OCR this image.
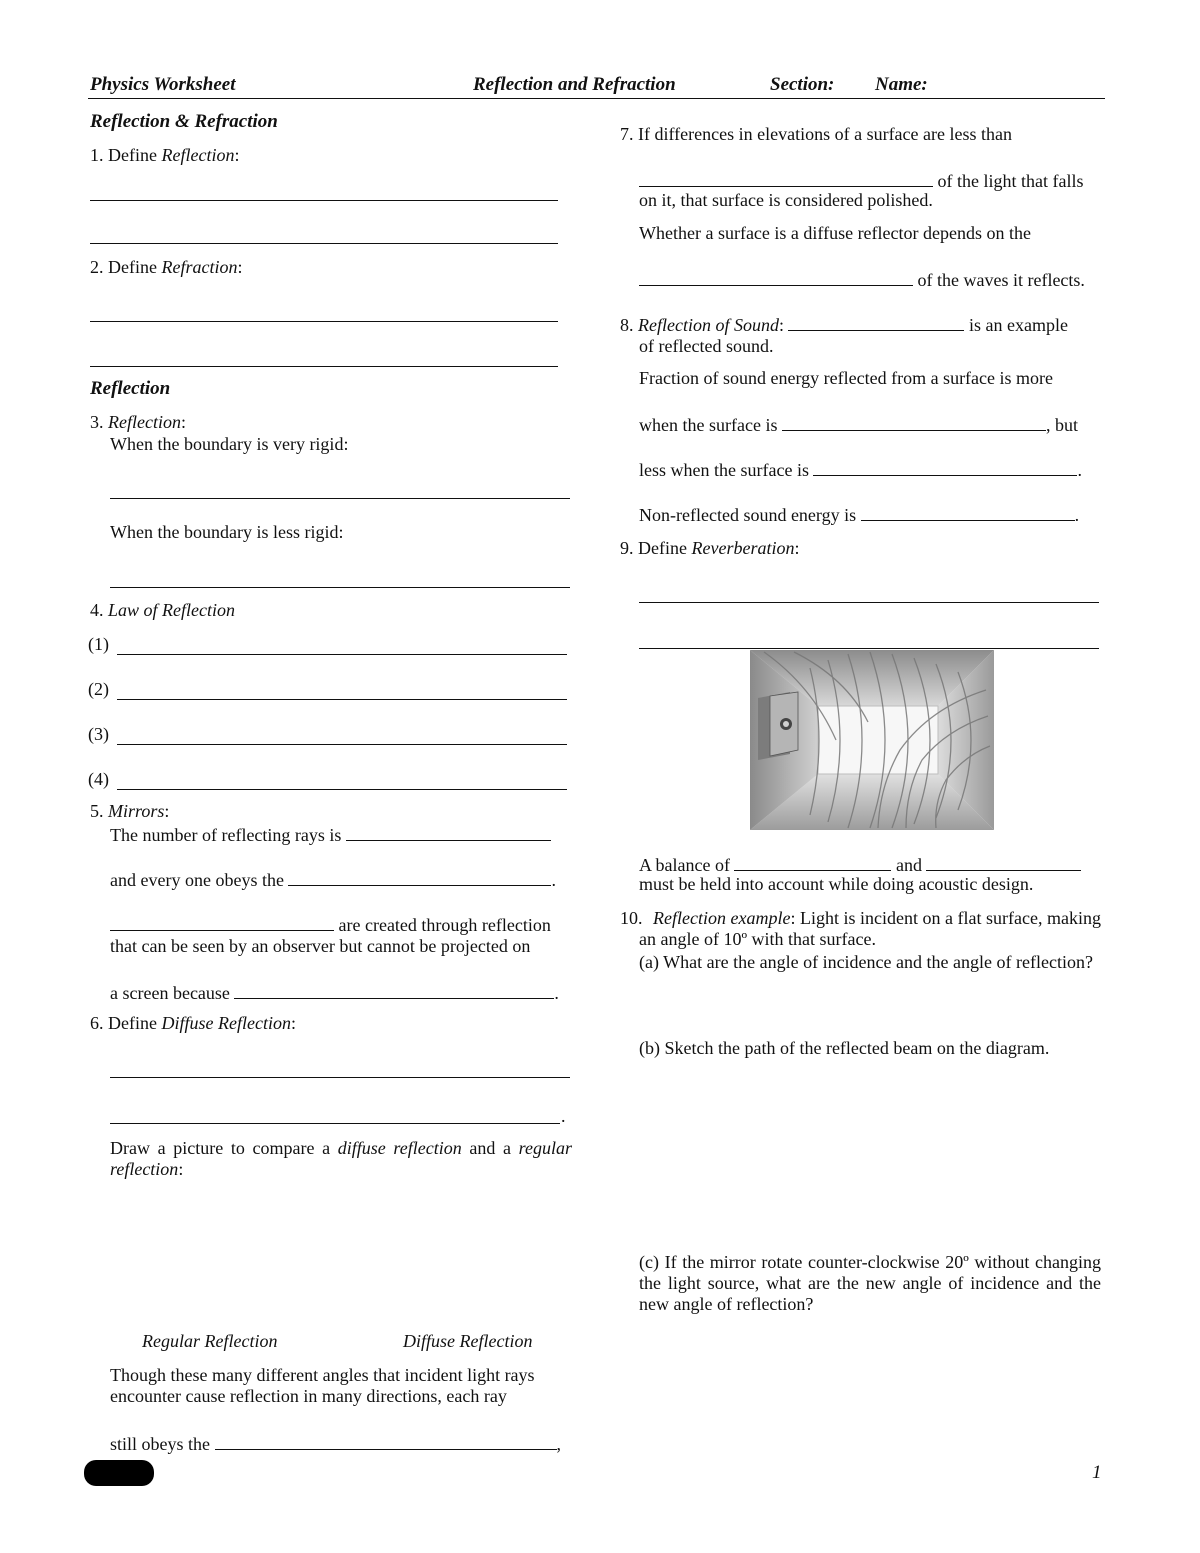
Physics Worksheet	Reflection and Refraction	Section: Name:
Reflection & Refraction
1. Define Reflection:
2. Define Refraction:
Reflection
3. Reflection:
When the boundary is very rigid:
When the boundary is less rigid:
4. Law of Reflection
(1)
(2)
(3)
(4)
5. Mirrors:
The number of reflecting rays is
and every one obeys the	.
are created through reflection
that can be seen by an observer but cannot be projected on
a screen because	.
6. Define Diffuse Reflection:
.
Draw a picture to compare a diffuse reflection and a regular reflection:
Regular Reflection	Diffuse Reflection
Though these many different angles that incident light rays
encounter cause reflection in many directions, each ray
still obeys the	,
7. If differences in elevations of a surface are less than
of the light that falls
on it, that surface is considered polished.
Whether a surface is a diffuse reflector depends on the
of the waves it reflects.
8. Reflection of Sound:	is an example
of reflected sound.
Fraction of sound energy reflected from a surface is more
when the surface is	, but
less when the surface is	.
Non-reflected sound energy is	.
9. Define Reverberation:
A balance of	and
must be held into account while doing acoustic design.
10. Reflection example: Light is incident on a flat surface, making an angle of 10º with that surface.
(a) What are the angle of incidence and the angle of reflection?
(b) Sketch the path of the reflected beam on the diagram.
(c) If the mirror rotate counter-clockwise 20º without changing the light source, what are the new angle of incidence and the new angle of reflection?
1
